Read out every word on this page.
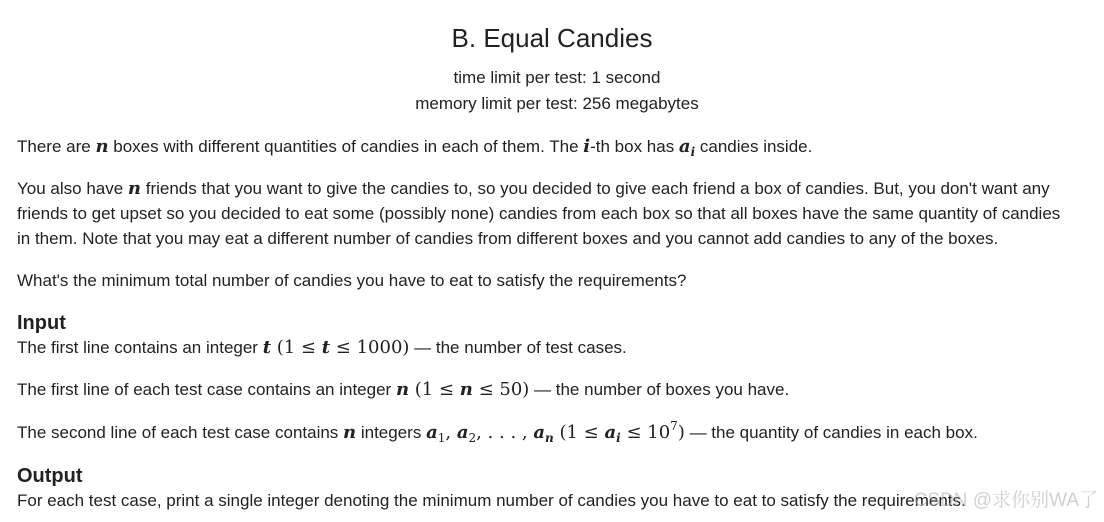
B. Equal Candies
time limit per test: 1 second
memory limit per test: 256 megabytes
There are n boxes with different quantities of candies in each of them. The i-th box has $a_i$ candies inside.
You also have n friends that you want to give the candies to, so you decided to give each friend a box of candies. But, you don't want any
friends to get upset so you decided to eat some (possibly none) candies from each box so that all boxes have the same quantity of candies
in them. Note that you may eat a different number of candies from different boxes and you cannot add candies to any of the boxes.
What's the minimum total number of candies you have to eat to satisfy the requirements?
Input
The first line contains an integer t (1 ≤ t ≤ 1000) — the number of test cases.
The first line of each test case contains an integer n (1 ≤ n ≤ 50) — the number of boxes you have.
The second line of each test case contains n integers $a_1$, $a_2$, . . . , $a_n$ $(1 \le a_i \le 10^7)$ — the quantity of candies in each box.
Output
For each test case, print a single integer denoting the minimum number of candies you have to eat to satisfy the requirements.
CSDN @求你别WA了
